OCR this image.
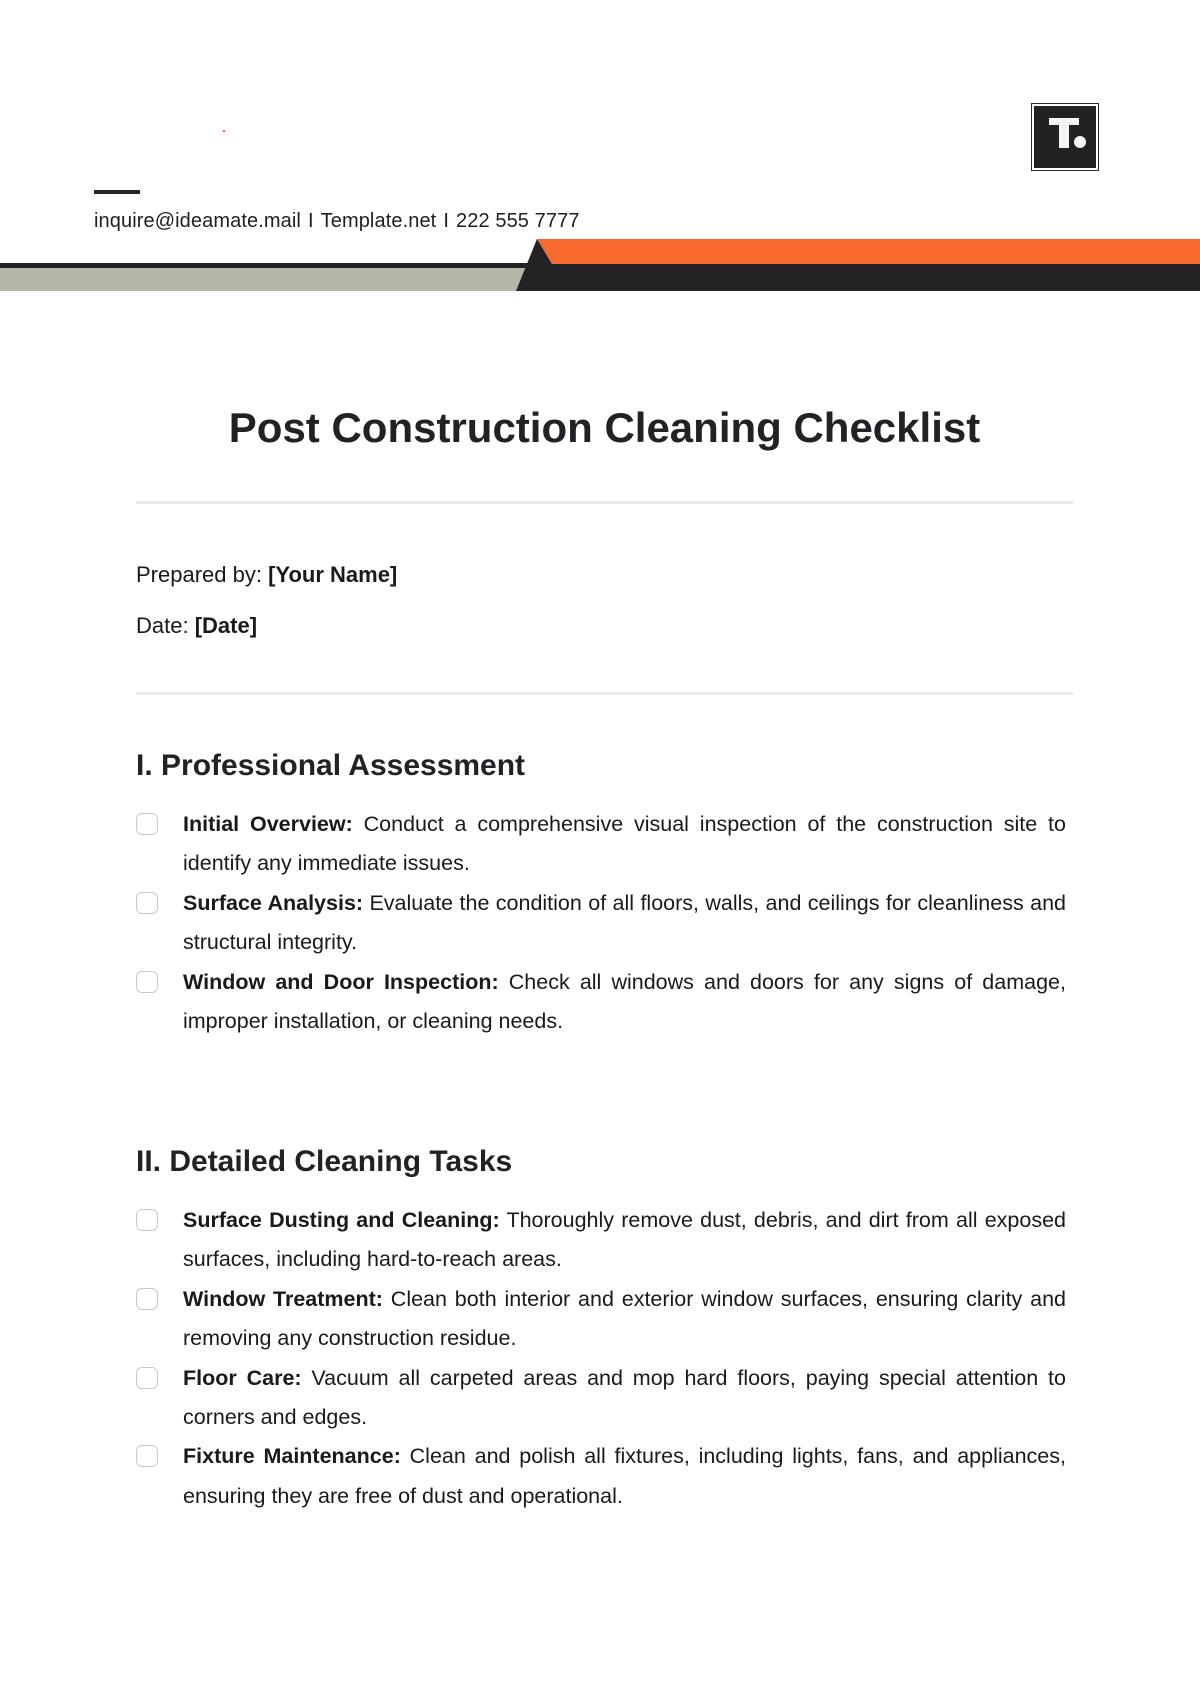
inquire@ideamate.mail I Template.net I 222 555 7777
Post Construction Cleaning Checklist
Prepared by: [Your Name]
Date: [Date]
I. Professional Assessment
Initial Overview: Conduct a comprehensive visual inspection of the construction site to identify any immediate issues.
Surface Analysis: Evaluate the condition of all floors, walls, and ceilings for cleanliness and structural integrity.
Window and Door Inspection: Check all windows and doors for any signs of damage, improper installation, or cleaning needs.
II. Detailed Cleaning Tasks
Surface Dusting and Cleaning: Thoroughly remove dust, debris, and dirt from all exposed surfaces, including hard-to-reach areas.
Window Treatment: Clean both interior and exterior window surfaces, ensuring clarity and removing any construction residue.
Floor Care: Vacuum all carpeted areas and mop hard floors, paying special attention to corners and edges.
Fixture Maintenance: Clean and polish all fixtures, including lights, fans, and appliances, ensuring they are free of dust and operational.
